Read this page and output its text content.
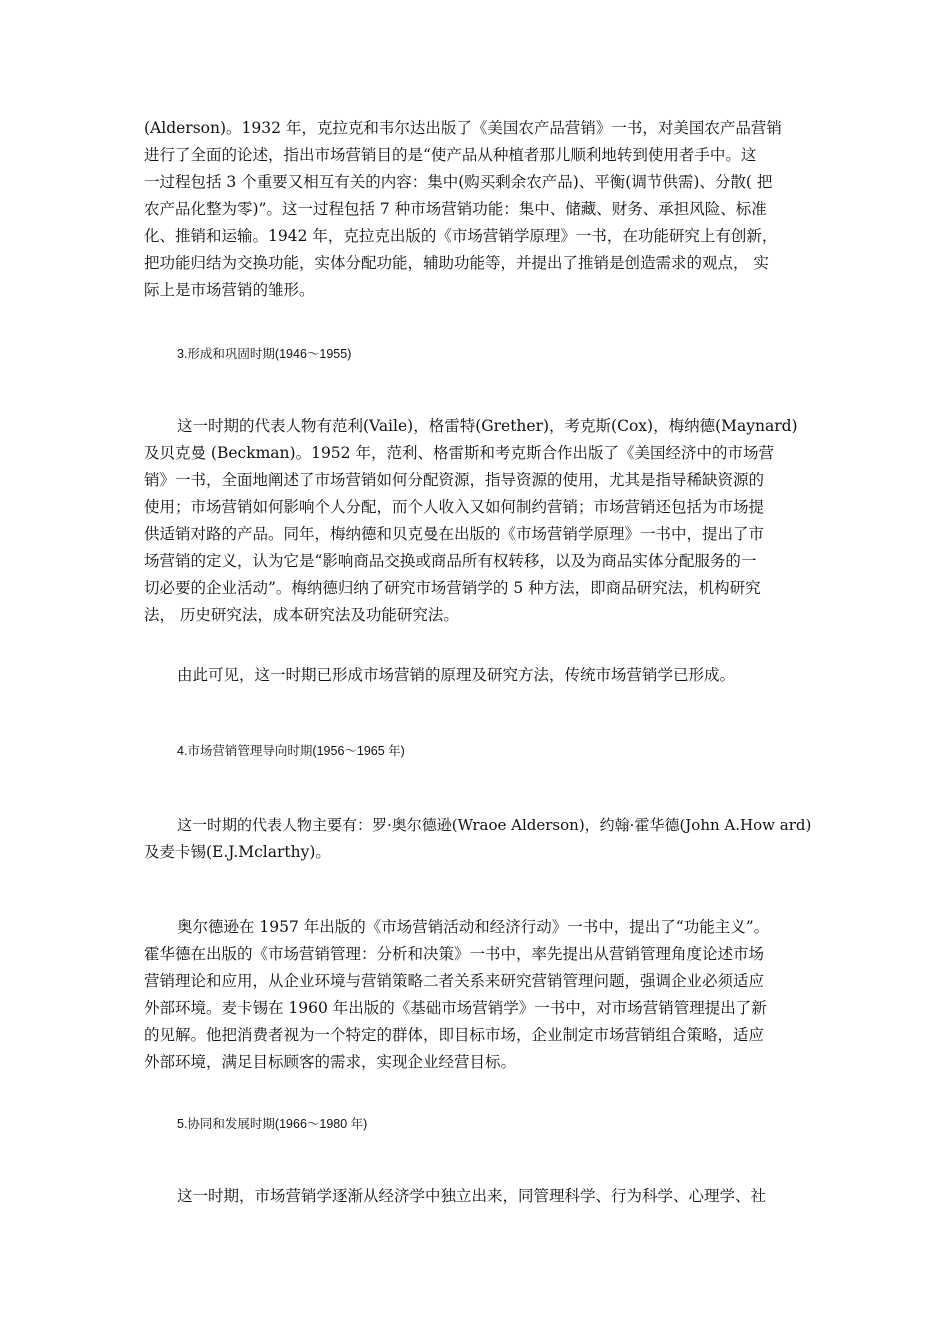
(Alderson)。1932 年，克拉克和韦尔达出版了《美国农产品营销》一书，对美国农产品营销
进行了全面的论述，指出市场营销目的是“使产品从种植者那儿顺利地转到使用者手中。这
一过程包括 3 个重要又相互有关的内容：集中(购买剩余农产品)、平衡(调节供需)、分散( 把
农产品化整为零)”。这一过程包括 7 种市场营销功能：集中、储藏、财务、承担风险、标准
化、推销和运输。1942 年，克拉克出版的《市场营销学原理》一书，在功能研究上有创新，
把功能归结为交换功能，实体分配功能，辅助功能等，并提出了推销是创造需求的观点， 实
际上是市场营销的雏形。
3.形成和巩固时期(1946～1955)
这一时期的代表人物有范利(Vaile)，格雷特(Grether)，考克斯(Cox)，梅纳德(Maynard)
及贝克曼 (Beckman)。1952 年，范利、格雷斯和考克斯合作出版了《美国经济中的市场营
销》一书，全面地阐述了市场营销如何分配资源，指导资源的使用，尤其是指导稀缺资源的
使用；市场营销如何影响个人分配，而个人收入又如何制约营销；市场营销还包括为市场提
供适销对路的产品。同年，梅纳德和贝克曼在出版的《市场营销学原理》一书中，提出了市
场营销的定义，认为它是“影响商品交换或商品所有权转移，以及为商品实体分配服务的一
切必要的企业活动”。梅纳德归纳了研究市场营销学的 5 种方法，即商品研究法，机构研究
法， 历史研究法，成本研究法及功能研究法。
由此可见，这一时期已形成市场营销的原理及研究方法，传统市场营销学已形成。
4.市场营销管理导向时期(1956～1965 年)
这一时期的代表人物主要有：罗·奥尔德逊(Wraoe Alderson)，约翰·霍华德(John A.How ard)
及麦卡锡(E.J.Mclarthy)。
奥尔德逊在 1957 年出版的《市场营销活动和经济行动》一书中，提出了“功能主义”。
霍华德在出版的《市场营销管理：分析和决策》一书中，率先提出从营销管理角度论述市场
营销理论和应用，从企业环境与营销策略二者关系来研究营销管理问题，强调企业必须适应
外部环境。麦卡锡在 1960 年出版的《基础市场营销学》一书中，对市场营销管理提出了新
的见解。他把消费者视为一个特定的群体，即目标市场，企业制定市场营销组合策略，适应
外部环境，满足目标顾客的需求，实现企业经营目标。
5.协同和发展时期(1966～1980 年)
这一时期，市场营销学逐渐从经济学中独立出来，同管理科学、行为科学、心理学、社
